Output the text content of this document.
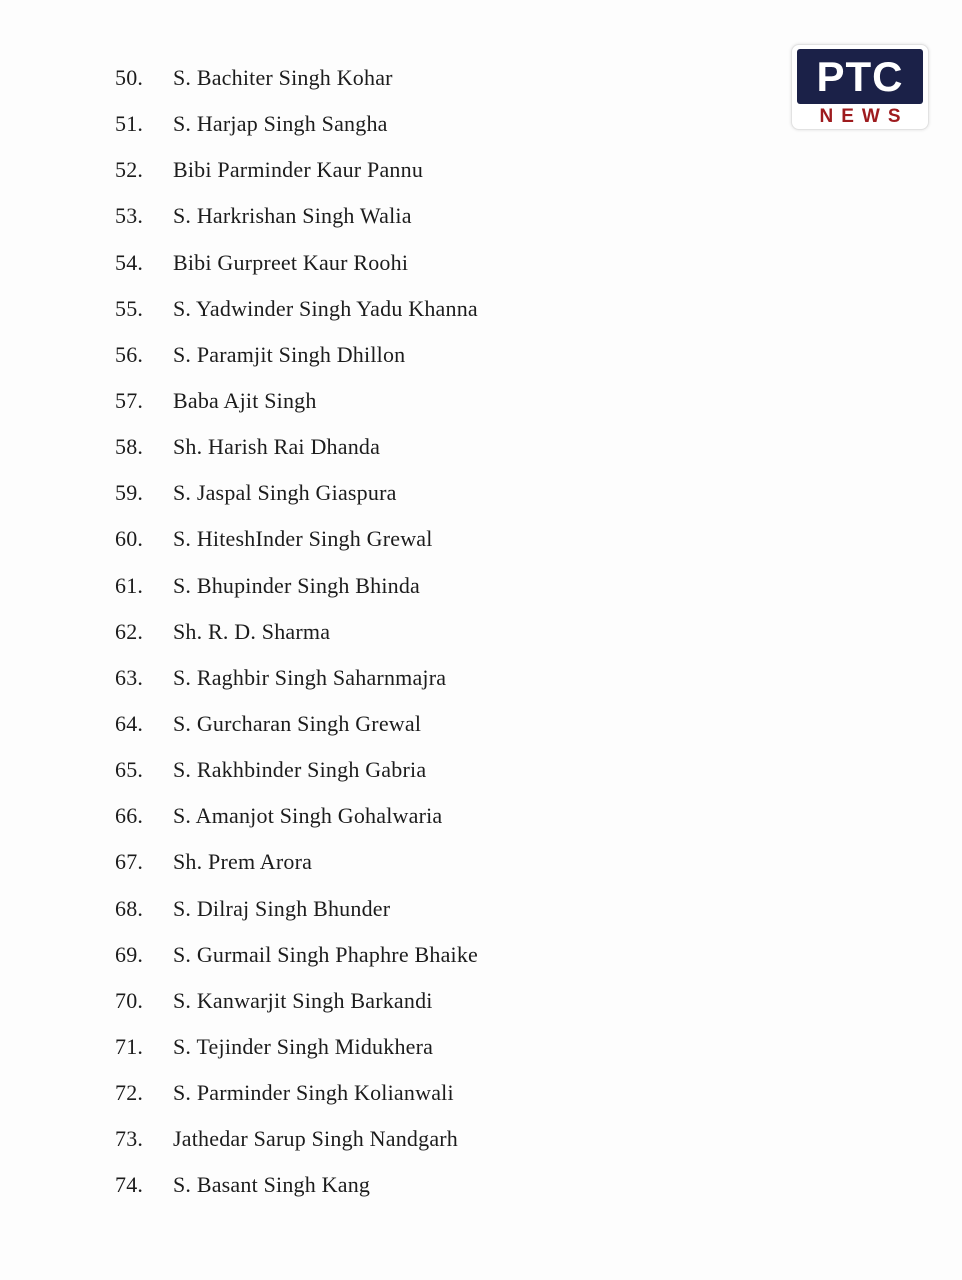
PTC
NEWS
50.	S. Bachiter Singh Kohar
51.	S. Harjap Singh Sangha
52.	Bibi Parminder Kaur Pannu
53.	S. Harkrishan Singh Walia
54.	Bibi Gurpreet Kaur Roohi
55.	S. Yadwinder Singh Yadu Khanna
56.	S. Paramjit Singh Dhillon
57.	Baba Ajit Singh
58.	Sh. Harish Rai Dhanda
59.	S. Jaspal Singh Giaspura
60.	S. HiteshInder Singh Grewal
61.	S. Bhupinder Singh Bhinda
62.	Sh. R. D. Sharma
63.	S. Raghbir Singh Saharnmajra
64.	S. Gurcharan Singh Grewal
65.	S. Rakhbinder Singh Gabria
66.	S. Amanjot Singh Gohalwaria
67.	Sh. Prem Arora
68.	S. Dilraj Singh Bhunder
69.	S. Gurmail Singh Phaphre Bhaike
70.	S. Kanwarjit Singh Barkandi
71.	S. Tejinder Singh Midukhera
72.	S. Parminder Singh Kolianwali
73.	Jathedar Sarup Singh Nandgarh
74.	S. Basant Singh Kang
